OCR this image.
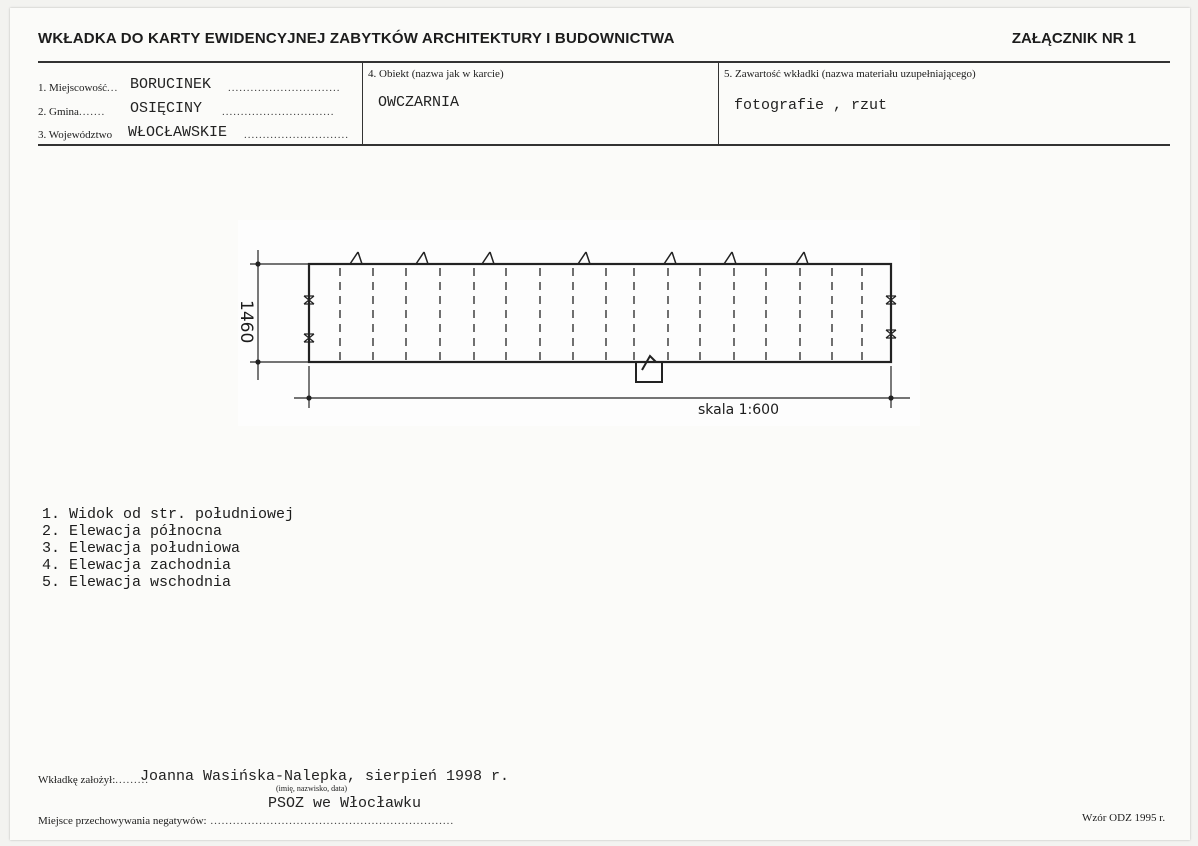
WKŁADKA DO KARTY EWIDENCYJNEJ ZABYTKÓW ARCHITEKTURY I BUDOWNICTWA	ZAŁĄCZNIK NR 1
1. Miejscowość... BORUCINEK ..............................
2. Gmina....... OSIĘCINY ..............................
3. Województwo WŁOCŁAWSKIE ............................
4. Obiekt (nazwa jak w karcie)
OWCZARNIA
5. Zawartość wkładki (nazwa materiału uzupełniającego)
fotografie , rzut
1460
skala 1:600
1. Widok od str. południowej
2. Elewacja północna
3. Elewacja południowa
4. Elewacja zachodnia
5. Elewacja wschodnia
Wkładkę założył:.........
Joanna Wasińska-Nalepka, sierpień 1998 r.
(imię, nazwisko, data)
PSOZ we Włocławku
Miejsce przechowywania negatywów: .................................................................	Wzór ODZ 1995 r.
